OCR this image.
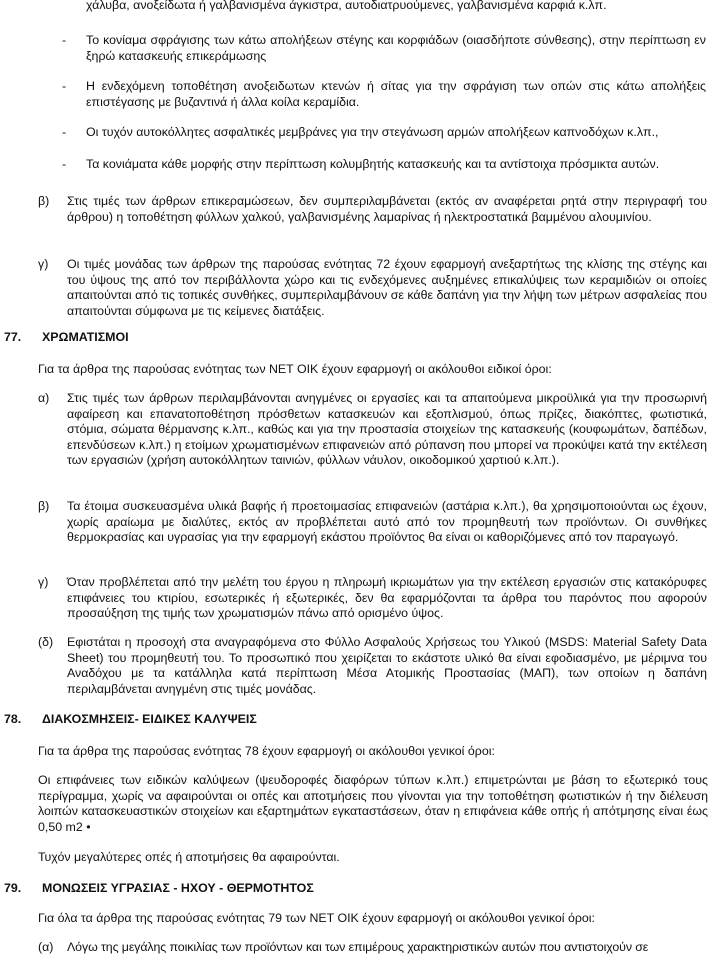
χάλυβα, ανοξείδωτα ή γαλβανισμένα άγκιστρα, αυτοδιατρυούμενες, γαλβανισμένα καρφιά κ.λπ.

- Το κονίαμα σφράγισης των κάτω απολήξεων στέγης και κορφιάδων (οιασδήποτε σύνθεσης), στην περίπτωση εν ξηρώ κατασκευής επικεράμωσης

- Η ενδεχόμενη τοποθέτηση ανοξειδωτων κτενών ή σίτας για την σφράγιση των οπών στις κάτω απολήξεις επιστέγασης με βυζαντινά ή άλλα κοίλα κεραμίδια.

- Οι τυχόν αυτοκόλλητες ασφαλτικές μεμβράνες για την στεγάνωση αρμών απολήξεων καπνοδόχων κ.λπ.,

- Τα κονιάματα κάθε μορφής στην περίπτωση κολυμβητής κατασκευής και τα αντίστοιχα πρόσμικτα αυτών.

β) Στις τιμές των άρθρων επικεραμώσεων, δεν συμπεριλαμβάνεται (εκτός αν αναφέρεται ρητά στην περιγραφή του άρθρου) η τοποθέτηση φύλλων χαλκού, γαλβανισμένης λαμαρίνας ή ηλεκτροστατικά βαμμένου αλουμινίου.

γ) Οι τιμές μονάδας των άρθρων της παρούσας ενότητας 72 έχουν εφαρμογή ανεξαρτήτως της κλίσης της στέγης και του ύψους της από τον περιβάλλοντα χώρο και τις ενδεχόμενες αυξημένες επικαλύψεις των κεραμιδιών οι οποίες απαιτούνται από τις τοπικές συνθήκες, συμπεριλαμβάνουν σε κάθε δαπάνη για την λήψη των μέτρων ασφαλείας που απαιτούνται σύμφωνα με τις κείμενες διατάξεις.

77. ΧΡΩΜΑΤΙΣΜΟΙ

Για τα άρθρα της παρούσας ενότητας των ΝΕΤ ΟΙΚ έχουν εφαρμογή οι ακόλουθοι ειδικοί όροι:

α) Στις τιμές των άρθρων περιλαμβάνονται ανηγμένες οι εργασίες και τα απαιτούμενα μικροϋλικά για την προσωρινή αφαίρεση και επανατοποθέτηση πρόσθετων κατασκευών και εξοπλισμού, όπως πρίζες, διακόπτες, φωτιστικά, στόμια, σώματα θέρμανσης κ.λπ., καθώς και για την προστασία στοιχείων της κατασκευής (κουφωμάτων, δαπέδων, επενδύσεων κ.λπ.) η ετοίμων χρωματισμένων επιφανειών από ρύπανση που μπορεί να προκύψει κατά την εκτέλεση των εργασιών (χρήση αυτοκόλλητων ταινιών, φύλλων νάυλον, οικοδομικού χαρτιού κ.λπ.).

β) Τα έτοιμα συσκευασμένα υλικά βαφής ή προετοιμασίας επιφανειών (αστάρια κ.λπ.), θα χρησιμοποιούνται ως έχουν, χωρίς αραίωμα με διαλύτες, εκτός αν προβλέπεται αυτό από τον προμηθευτή των προϊόντων. Οι συνθήκες θερμοκρασίας και υγρασίας για την εφαρμογή εκάστου προϊόντος θα είναι οι καθοριζόμενες από τον παραγωγό.

γ) Όταν προβλέπεται από την μελέτη του έργου η πληρωμή ικριωμάτων για την εκτέλεση εργασιών στις κατακόρυφες επιφάνειες του κτιρίου, εσωτερικές ή εξωτερικές, δεν θα εφαρμόζονται τα άρθρα του παρόντος που αφορούν προσαύξηση της τιμής των χρωματισμών πάνω από ορισμένο ύψος.

(δ) Εφιστάται η προσοχή στα αναγραφόμενα στο Φύλλο Ασφαλούς Χρήσεως του Υλικού (MSDS: Material Safety Data Sheet) του προμηθευτή του. Το προσωπικό που χειρίζεται το εκάστοτε υλικό θα είναι εφοδιασμένο, με μέριμνα του Αναδόχου με τα κατάλληλα κατά περίπτωση Μέσα Ατομικής Προστασίας (ΜΑΠ), των οποίων η δαπάνη περιλαμβάνεται ανηγμένη στις τιμές μονάδας.

78. ΔΙΑΚΟΣΜΗΣΕΙΣ- ΕΙΔΙΚΕΣ ΚΑΛΥΨΕΙΣ

Για τα άρθρα της παρούσας ενότητας 78 έχουν εφαρμογή οι ακόλουθοι γενικοί όροι:

Οι επιφάνειες των ειδικών καλύψεων (ψευδοροφές διαφόρων τύπων κ.λπ.) επιμετρώνται με βάση το εξωτερικό τους περίγραμμα, χωρίς να αφαιρούνται οι οπές και αποτμήσεις που γίνονται για την τοποθέτηση φωτιστικών ή την διέλευση λοιπών κατασκευαστικών στοιχείων και εξαρτημάτων εγκαταστάσεων, όταν η επιφάνεια κάθε οπής ή απότμησης είναι έως 0,50 m2 •

Τυχόν μεγαλύτερες οπές ή αποτμήσεις θα αφαιρούνται.

79. ΜΟΝΩΣΕΙΣ ΥΓΡΑΣΙΑΣ - ΗΧΟΥ - ΘΕΡΜΟΤΗΤΟΣ

Για όλα τα άρθρα της παρούσας ενότητας 79 των ΝΕΤ ΟΙΚ έχουν εφαρμογή οι ακόλουθοι γενικοί όροι:

(α) Λόγω της μεγάλης ποικιλίας των προϊόντων και των επιμέρους χαρακτηριστικών αυτών που αντιστοιχούν σε
